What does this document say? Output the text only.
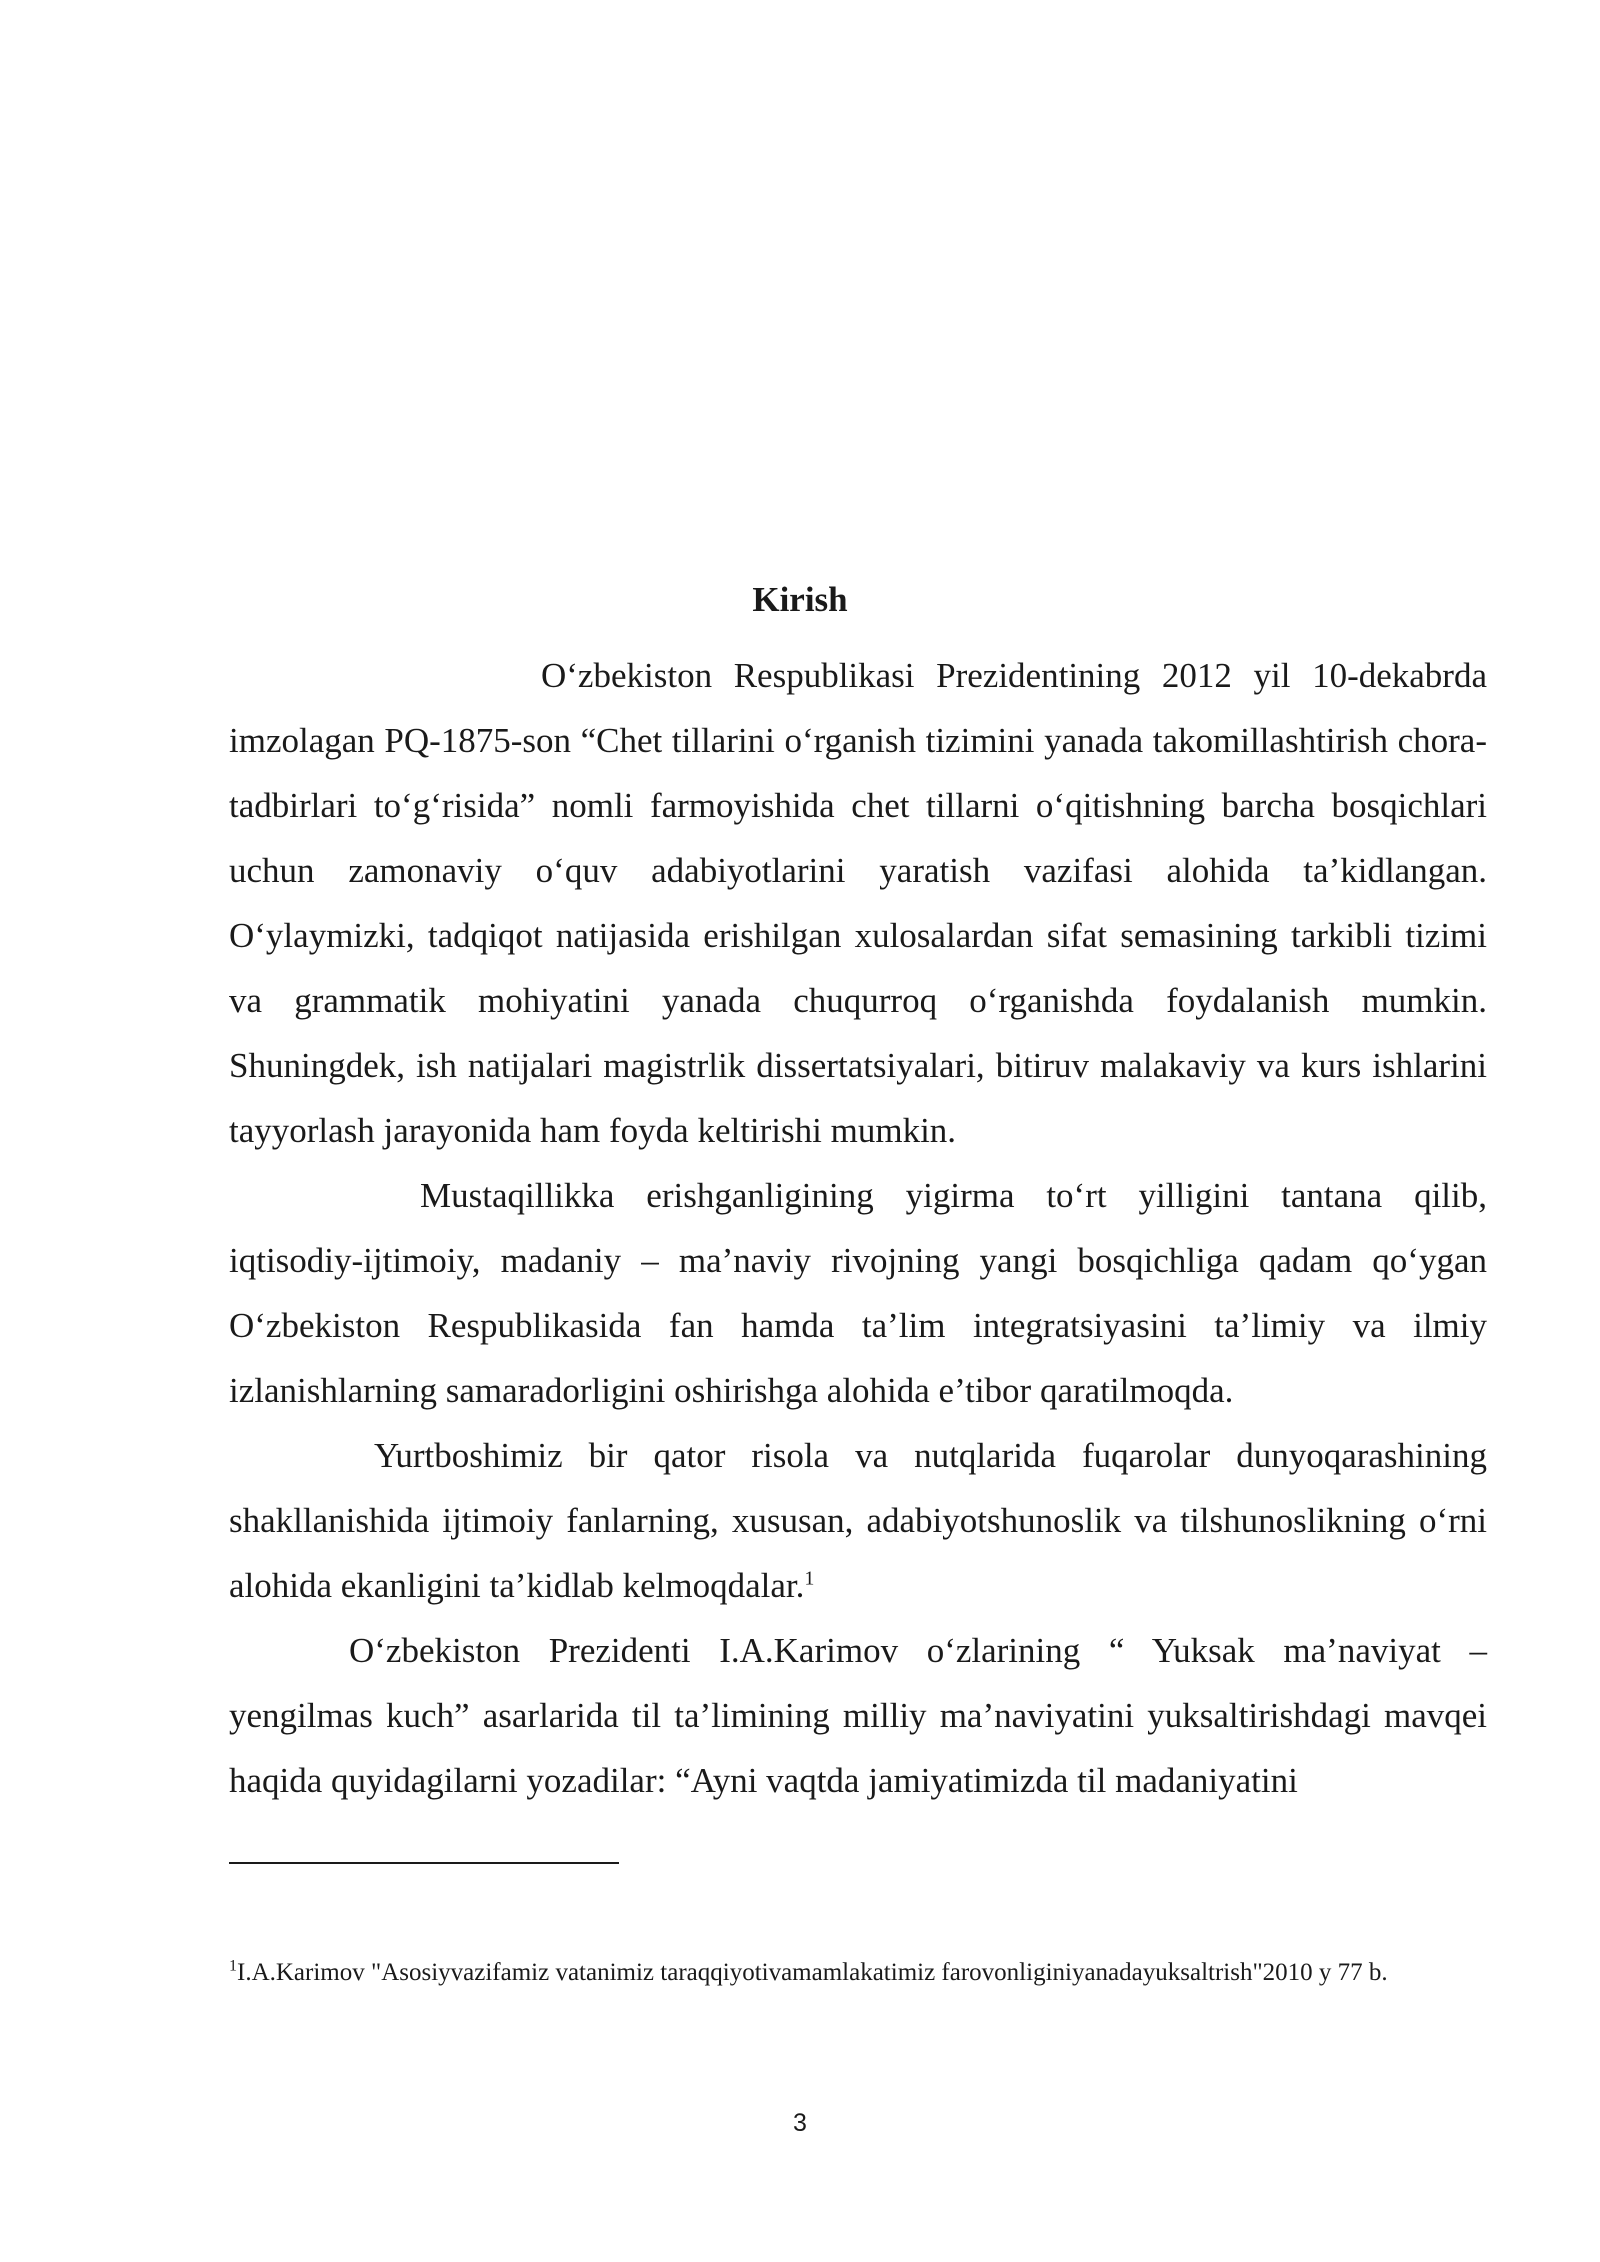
Kirish

O‘zbekiston Respublikasi Prezidentining 2012 yil 10-dekabrda imzolagan PQ-1875-son “Chet tillarini o‘rganish tizimini yanada takomillashtirish chora-tadbirlari to‘g‘risida” nomli farmoyishida chet tillarni o‘qitishning barcha bosqichlari uchun zamonaviy o‘quv adabiyotlarini yaratish vazifasi alohida ta’kidlangan. O‘ylaymizki, tadqiqot natijasida erishilgan xulosalardan sifat semasining tarkibli tizimi va grammatik mohiyatini yanada chuqurroq o‘rganishda foydalanish mumkin. Shuningdek, ish natijalari magistrlik dissertatsiyalari, bitiruv malakaviy va kurs ishlarini tayyorlash jarayonida ham foyda keltirishi mumkin.

Mustaqillikka erishganligining yigirma to‘rt yilligini tantana qilib, iqtisodiy-ijtimoiy, madaniy – ma’naviy rivojning yangi bosqichliga qadam qo‘ygan O‘zbekiston Respublikasida fan hamda ta’lim integratsiyasini ta’limiy va ilmiy izlanishlarning samaradorligini oshirishga alohida e’tibor qaratilmoqda.

Yurtboshimiz bir qator risola va nutqlarida fuqarolar dunyoqarashining shakllanishida ijtimoiy fanlarning, xususan, adabiyotshunoslik va tilshunoslikning o‘rni alohida ekanligini ta’kidlab kelmoqdalar.$^1$

O‘zbekiston Prezidenti I.A.Karimov o‘zlarining “ Yuksak ma’naviyat – yengilmas kuch” asarlarida til ta’limining milliy ma’naviyatini yuksaltirishdagi mavqei haqida quyidagilarni yozadilar: “Ayni vaqtda jamiyatimizda til madaniyatini

$^1$I.A.Karimov "Asosiyvazifamiz vatanimiz taraqqiyotivamamlakatimiz farovonliginiyanadayuksaltrish"2010 y 77 b.

3
